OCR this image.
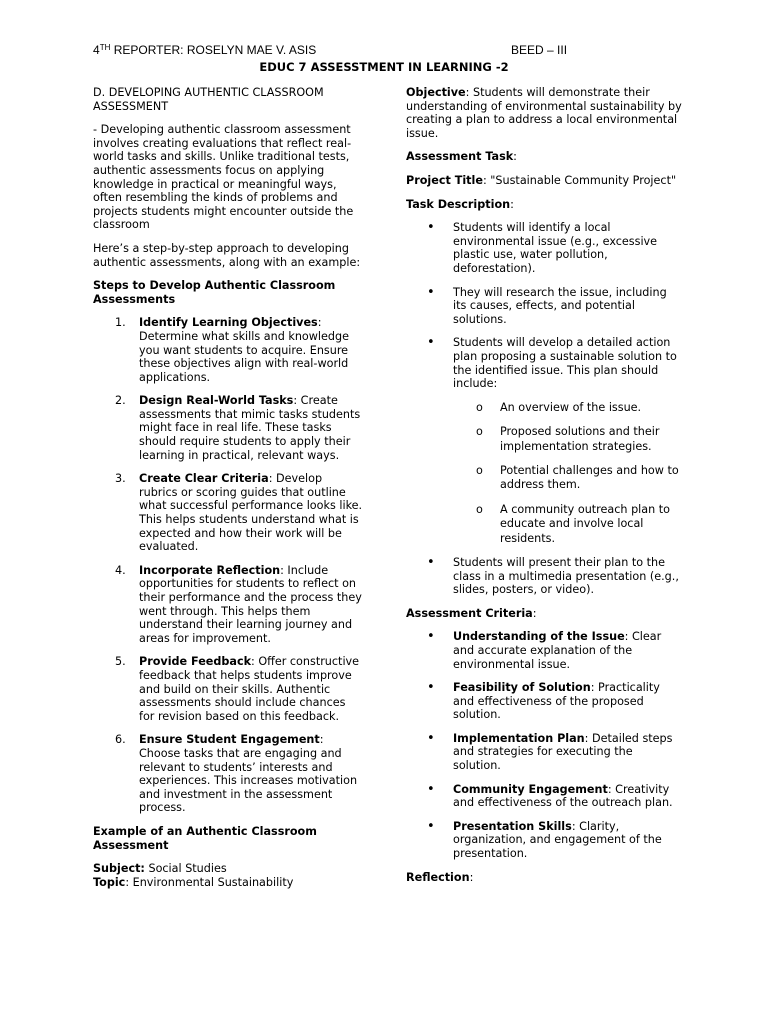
4TH REPORTER: ROSELYN MAE V. ASIS	BEED – III
EDUC 7 ASSESSTMENT IN LEARNING -2

D. DEVELOPING AUTHENTIC CLASSROOM ASSESSMENT

- Developing authentic classroom assessment involves creating evaluations that reflect real-world tasks and skills. Unlike traditional tests, authentic assessments focus on applying knowledge in practical or meaningful ways, often resembling the kinds of problems and projects students might encounter outside the classroom

Here’s a step-by-step approach to developing authentic assessments, along with an example:

Steps to Develop Authentic Classroom Assessments

1. Identify Learning Objectives: Determine what skills and knowledge you want students to acquire. Ensure these objectives align with real-world applications.
2. Design Real-World Tasks: Create assessments that mimic tasks students might face in real life. These tasks should require students to apply their learning in practical, relevant ways.
3. Create Clear Criteria: Develop rubrics or scoring guides that outline what successful performance looks like. This helps students understand what is expected and how their work will be evaluated.
4. Incorporate Reflection: Include opportunities for students to reflect on their performance and the process they went through. This helps them understand their learning journey and areas for improvement.
5. Provide Feedback: Offer constructive feedback that helps students improve and build on their skills. Authentic assessments should include chances for revision based on this feedback.
6. Ensure Student Engagement: Choose tasks that are engaging and relevant to students’ interests and experiences. This increases motivation and investment in the assessment process.

Example of an Authentic Classroom Assessment

Subject: Social Studies
Topic: Environmental Sustainability

Objective: Students will demonstrate their understanding of environmental sustainability by creating a plan to address a local environmental issue.

Assessment Task:

Project Title: "Sustainable Community Project"

Task Description:

• Students will identify a local environmental issue (e.g., excessive plastic use, water pollution, deforestation).
• They will research the issue, including its causes, effects, and potential solutions.
• Students will develop a detailed action plan proposing a sustainable solution to the identified issue. This plan should include:
o An overview of the issue.
o Proposed solutions and their implementation strategies.
o Potential challenges and how to address them.
o A community outreach plan to educate and involve local residents.
• Students will present their plan to the class in a multimedia presentation (e.g., slides, posters, or video).

Assessment Criteria:

• Understanding of the Issue: Clear and accurate explanation of the environmental issue.
• Feasibility of Solution: Practicality and effectiveness of the proposed solution.
• Implementation Plan: Detailed steps and strategies for executing the solution.
• Community Engagement: Creativity and effectiveness of the outreach plan.
• Presentation Skills: Clarity, organization, and engagement of the presentation.

Reflection:
